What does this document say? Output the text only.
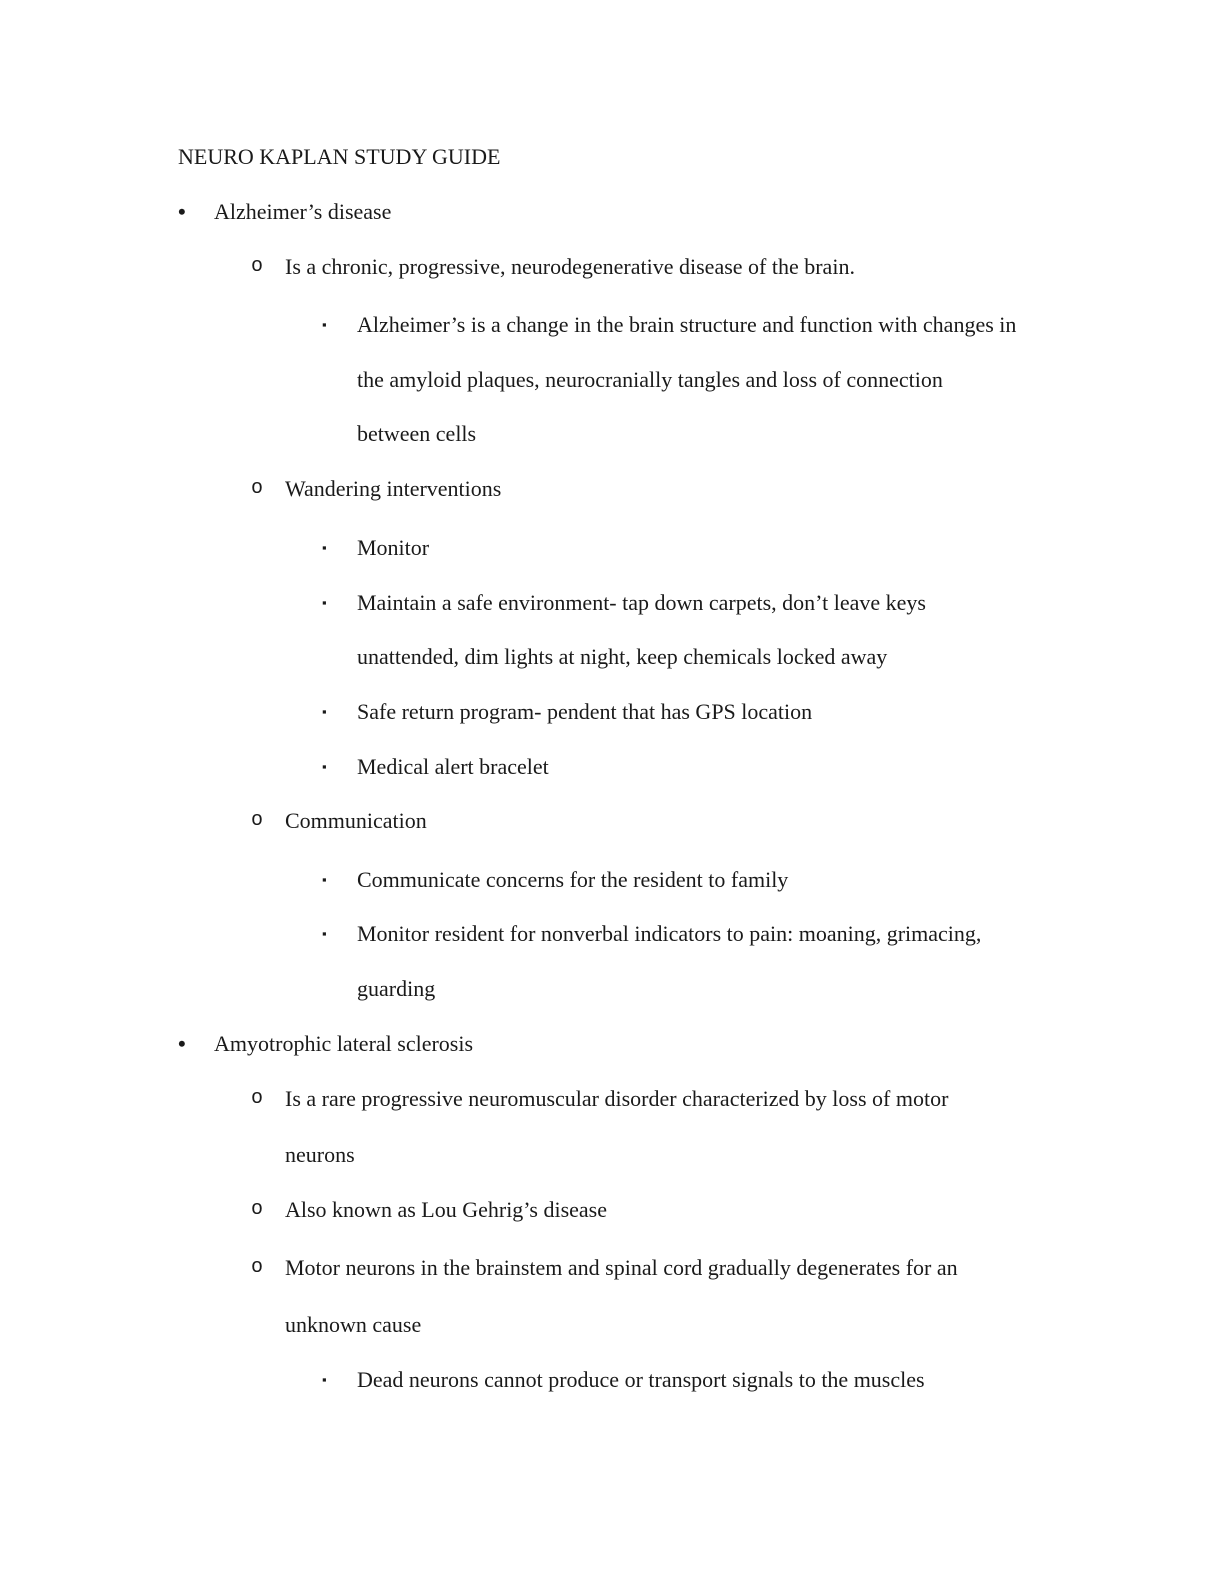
NEURO KAPLAN STUDY GUIDE
• Alzheimer’s disease
o Is a chronic, progressive, neurodegenerative disease of the brain.
▪ Alzheimer’s is a change in the brain structure and function with changes in
the amyloid plaques, neurocranially tangles and loss of connection
between cells
o Wandering interventions
▪ Monitor
▪ Maintain a safe environment- tap down carpets, don’t leave keys
unattended, dim lights at night, keep chemicals locked away
▪ Safe return program- pendent that has GPS location
▪ Medical alert bracelet
o Communication
▪ Communicate concerns for the resident to family
▪ Monitor resident for nonverbal indicators to pain: moaning, grimacing,
guarding
• Amyotrophic lateral sclerosis
o Is a rare progressive neuromuscular disorder characterized by loss of motor
neurons
o Also known as Lou Gehrig’s disease
o Motor neurons in the brainstem and spinal cord gradually degenerates for an
unknown cause
▪ Dead neurons cannot produce or transport signals to the muscles
